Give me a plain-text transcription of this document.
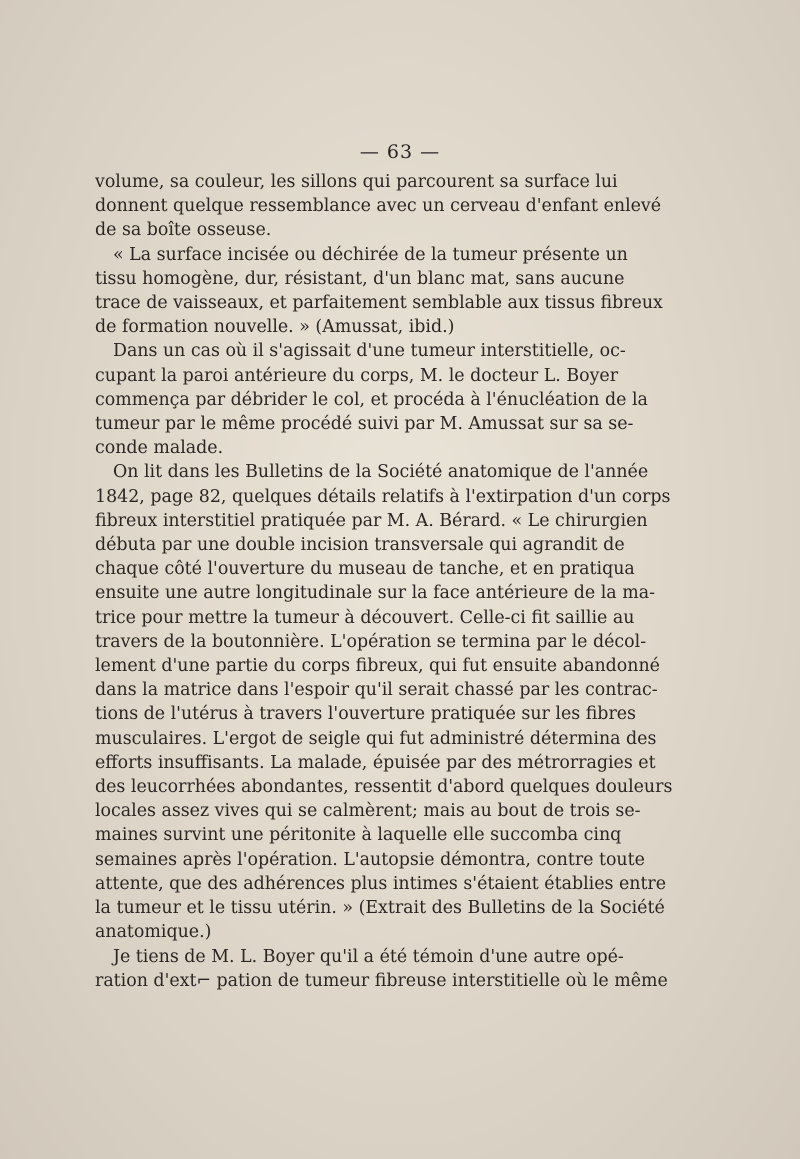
— 63 —
volume, sa couleur, les sillons qui parcourent sa surface lui
donnent quelque ressemblance avec un cerveau d'enfant enlevé
de sa boîte osseuse.
« La surface incisée ou déchirée de la tumeur présente un
tissu homogène, dur, résistant, d'un blanc mat, sans aucune
trace de vaisseaux, et parfaitement semblable aux tissus fibreux
de formation nouvelle. » (Amussat, ibid.)
Dans un cas où il s'agissait d'une tumeur interstitielle, oc-
cupant la paroi antérieure du corps, M. le docteur L. Boyer
commença par débrider le col, et procéda à l'énucléation de la
tumeur par le même procédé suivi par M. Amussat sur sa se-
conde malade.
On lit dans les Bulletins de la Société anatomique de l'année
1842, page 82, quelques détails relatifs à l'extirpation d'un corps
fibreux interstitiel pratiquée par M. A. Bérard. « Le chirurgien
débuta par une double incision transversale qui agrandit de
chaque côté l'ouverture du museau de tanche, et en pratiqua
ensuite une autre longitudinale sur la face antérieure de la ma-
trice pour mettre la tumeur à découvert. Celle-ci fit saillie au
travers de la boutonnière. L'opération se termina par le décol-
lement d'une partie du corps fibreux, qui fut ensuite abandonné
dans la matrice dans l'espoir qu'il serait chassé par les contrac-
tions de l'utérus à travers l'ouverture pratiquée sur les fibres
musculaires. L'ergot de seigle qui fut administré détermina des
efforts insuffisants. La malade, épuisée par des métrorragies et
des leucorrhées abondantes, ressentit d'abord quelques douleurs
locales assez vives qui se calmèrent; mais au bout de trois se-
maines survint une péritonite à laquelle elle succomba cinq
semaines après l'opération. L'autopsie démontra, contre toute
attente, que des adhérences plus intimes s'étaient établies entre
la tumeur et le tissu utérin. » (Extrait des Bulletins de la Société
anatomique.)
Je tiens de M. L. Boyer qu'il a été témoin d'une autre opé-
ration d'ext⌐ pation de tumeur fibreuse interstitielle où le même
